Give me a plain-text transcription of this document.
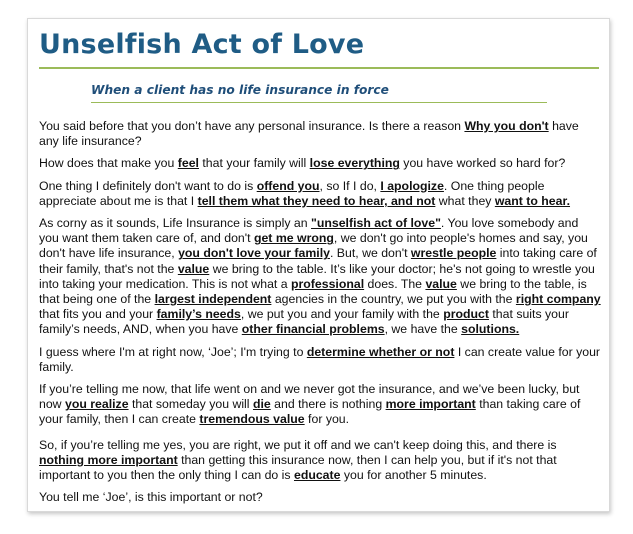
Unselfish Act of Love
When a client has no life insurance in force

You said before that you don’t have any personal insurance. Is there a reason Why you don't have any life insurance?

How does that make you feel that your family will lose everything you have worked so hard for?

One thing I definitely don't want to do is offend you, so If I do, I apologize. One thing people appreciate about me is that I tell them what they need to hear, and not what they want to hear.

As corny as it sounds, Life Insurance is simply an "unselfish act of love". You love somebody and you want them taken care of, and don't get me wrong, we don't go into people's homes and say, you don't have life insurance, you don't love your family. But, we don't wrestle people into taking care of their family, that's not the value we bring to the table. It’s like your doctor; he's not going to wrestle you into taking your medication. This is not what a professional does. The value we bring to the table, is that being one of the largest independent agencies in the country, we put you with the right company that fits you and your family’s needs, we put you and your family with the product that suits your family’s needs, AND, when you have other financial problems, we have the solutions.

I guess where I'm at right now, ‘Joe’; I'm trying to determine whether or not I can create value for your family.

If you’re telling me now, that life went on and we never got the insurance, and we’ve been lucky, but now you realize that someday you will die and there is nothing more important than taking care of your family, then I can create tremendous value for you.

So, if you’re telling me yes, you are right, we put it off and we can't keep doing this, and there is nothing more important than getting this insurance now, then I can help you, but if it's not that important to you then the only thing I can do is educate you for another 5 minutes.

You tell me ‘Joe’, is this important or not?
